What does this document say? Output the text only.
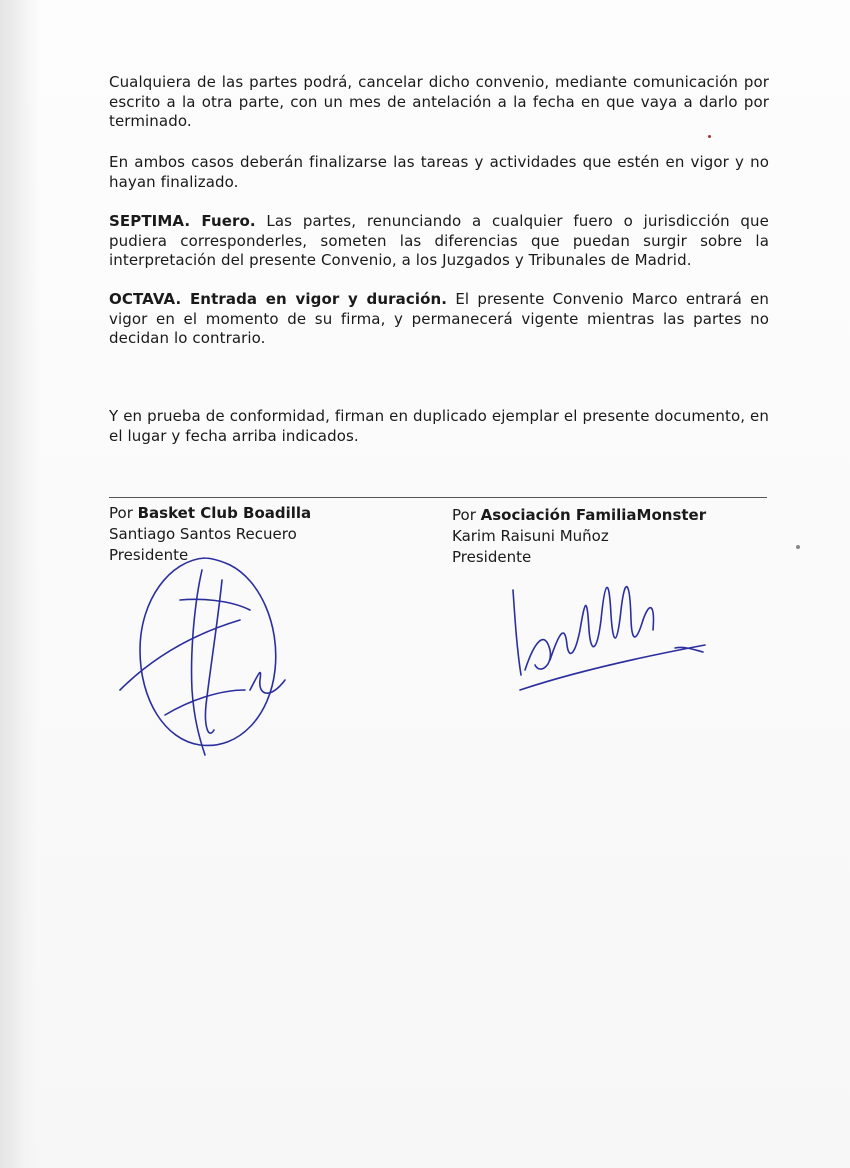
Cualquiera de las partes podrá, cancelar dicho convenio, mediante comunicación por escrito a la otra parte, con un mes de antelación a la fecha en que vaya a darlo por terminado.

En ambos casos deberán finalizarse las tareas y actividades que estén en vigor y no hayan finalizado.

SEPTIMA. Fuero. Las partes, renunciando a cualquier fuero o jurisdicción que pudiera corresponderles, someten las diferencias que puedan surgir sobre la interpretación del presente Convenio, a los Juzgados y Tribunales de Madrid.

OCTAVA. Entrada en vigor y duración. El presente Convenio Marco entrará en vigor en el momento de su firma, y permanecerá vigente mientras las partes no decidan lo contrario.

Y en prueba de conformidad, firman en duplicado ejemplar el presente documento, en el lugar y fecha arriba indicados.

Por Basket Club Boadilla
Santiago Santos Recuero
Presidente
Por Asociación FamiliaMonster
Karim Raisuni Muñoz
Presidente
